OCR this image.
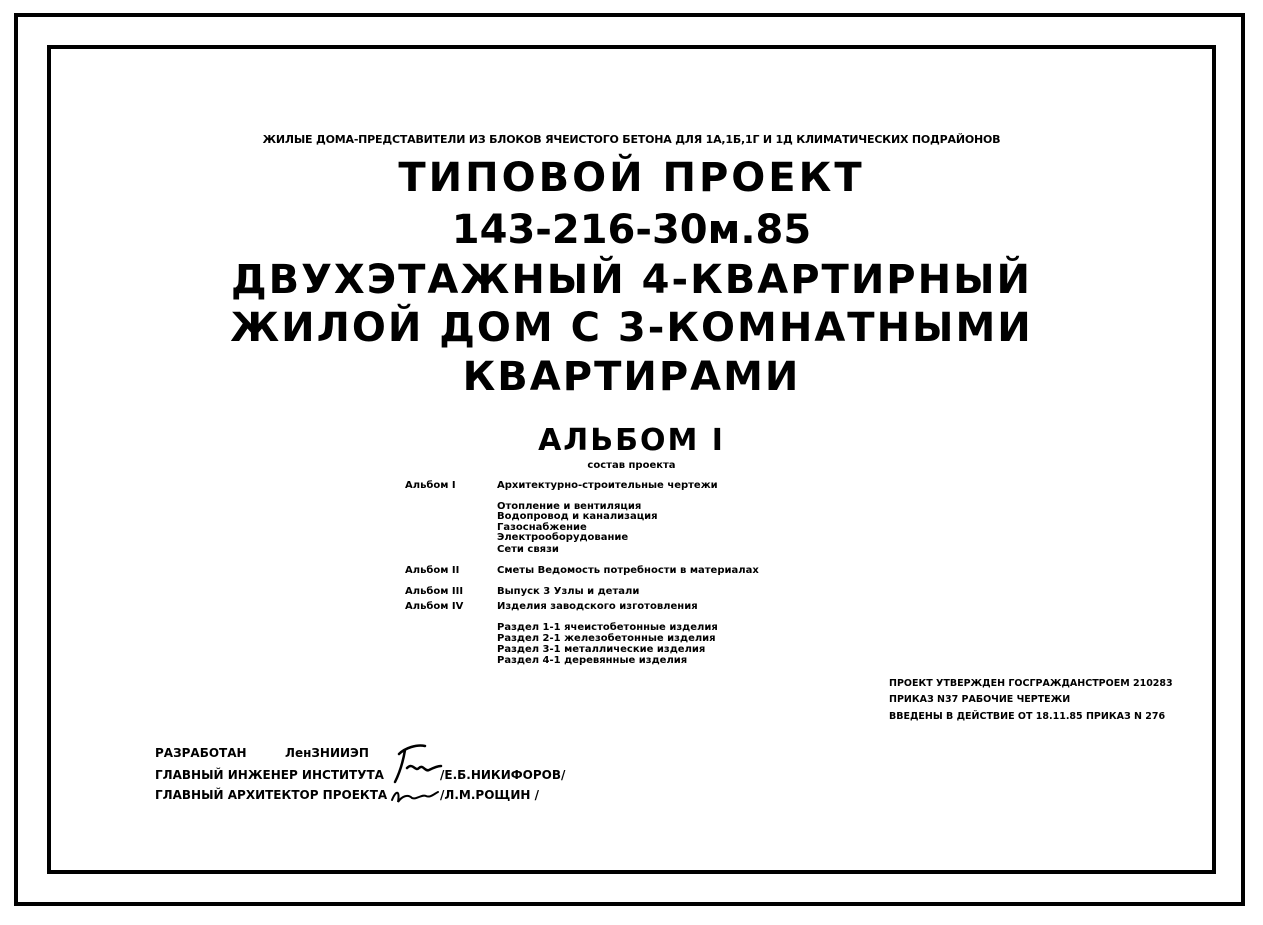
ЖИЛЫЕ ДОМА-ПРЕДСТАВИТЕЛИ ИЗ БЛОКОВ ЯЧЕИСТОГО БЕТОНА ДЛЯ 1А,1Б,1Г И 1Д КЛИМАТИЧЕСКИХ ПОДРАЙОНОВ
ТИПОВОЙ ПРОЕКТ
143-216-30м.85
ДВУХЭТАЖНЫЙ 4-КВАРТИРНЫЙ
ЖИЛОЙ ДОМ С 3-КОМНАТНЫМИ
КВАРТИРАМИ
АЛЬБОМ I
состав проекта
Альбом I	Архитектурно-строительные чертежи
Отопление и вентиляция
Водопровод и канализация
Газоснабжение
Электрооборудование
Сети связи
Альбом II	Сметы Ведомость потребности в материалах
Альбом III	Выпуск 3 Узлы и детали
Альбом IV	Изделия заводского изготовления
Раздел 1-1 ячеистобетонные изделия
Раздел 2-1 железобетонные изделия
Раздел 3-1 металлические изделия
Раздел 4-1 деревянные изделия
ПРОЕКТ УТВЕРЖДЕН ГОСГРАЖДАНСТРОЕМ 210283
ПРИКАЗ N37 РАБОЧИЕ ЧЕРТЕЖИ
ВВЕДЕНЫ В ДЕЙСТВИЕ ОТ 18.11.85 ПРИКАЗ N 276
РАЗРАБОТАН	ЛенЗНИИЭП
ГЛАВНЫЙ ИНЖЕНЕР ИНСТИТУТА	/Е.Б.НИКИФОРОВ/
ГЛАВНЫЙ АРХИТЕКТОР ПРОЕКТА	/Л.М.РОЩИН /
